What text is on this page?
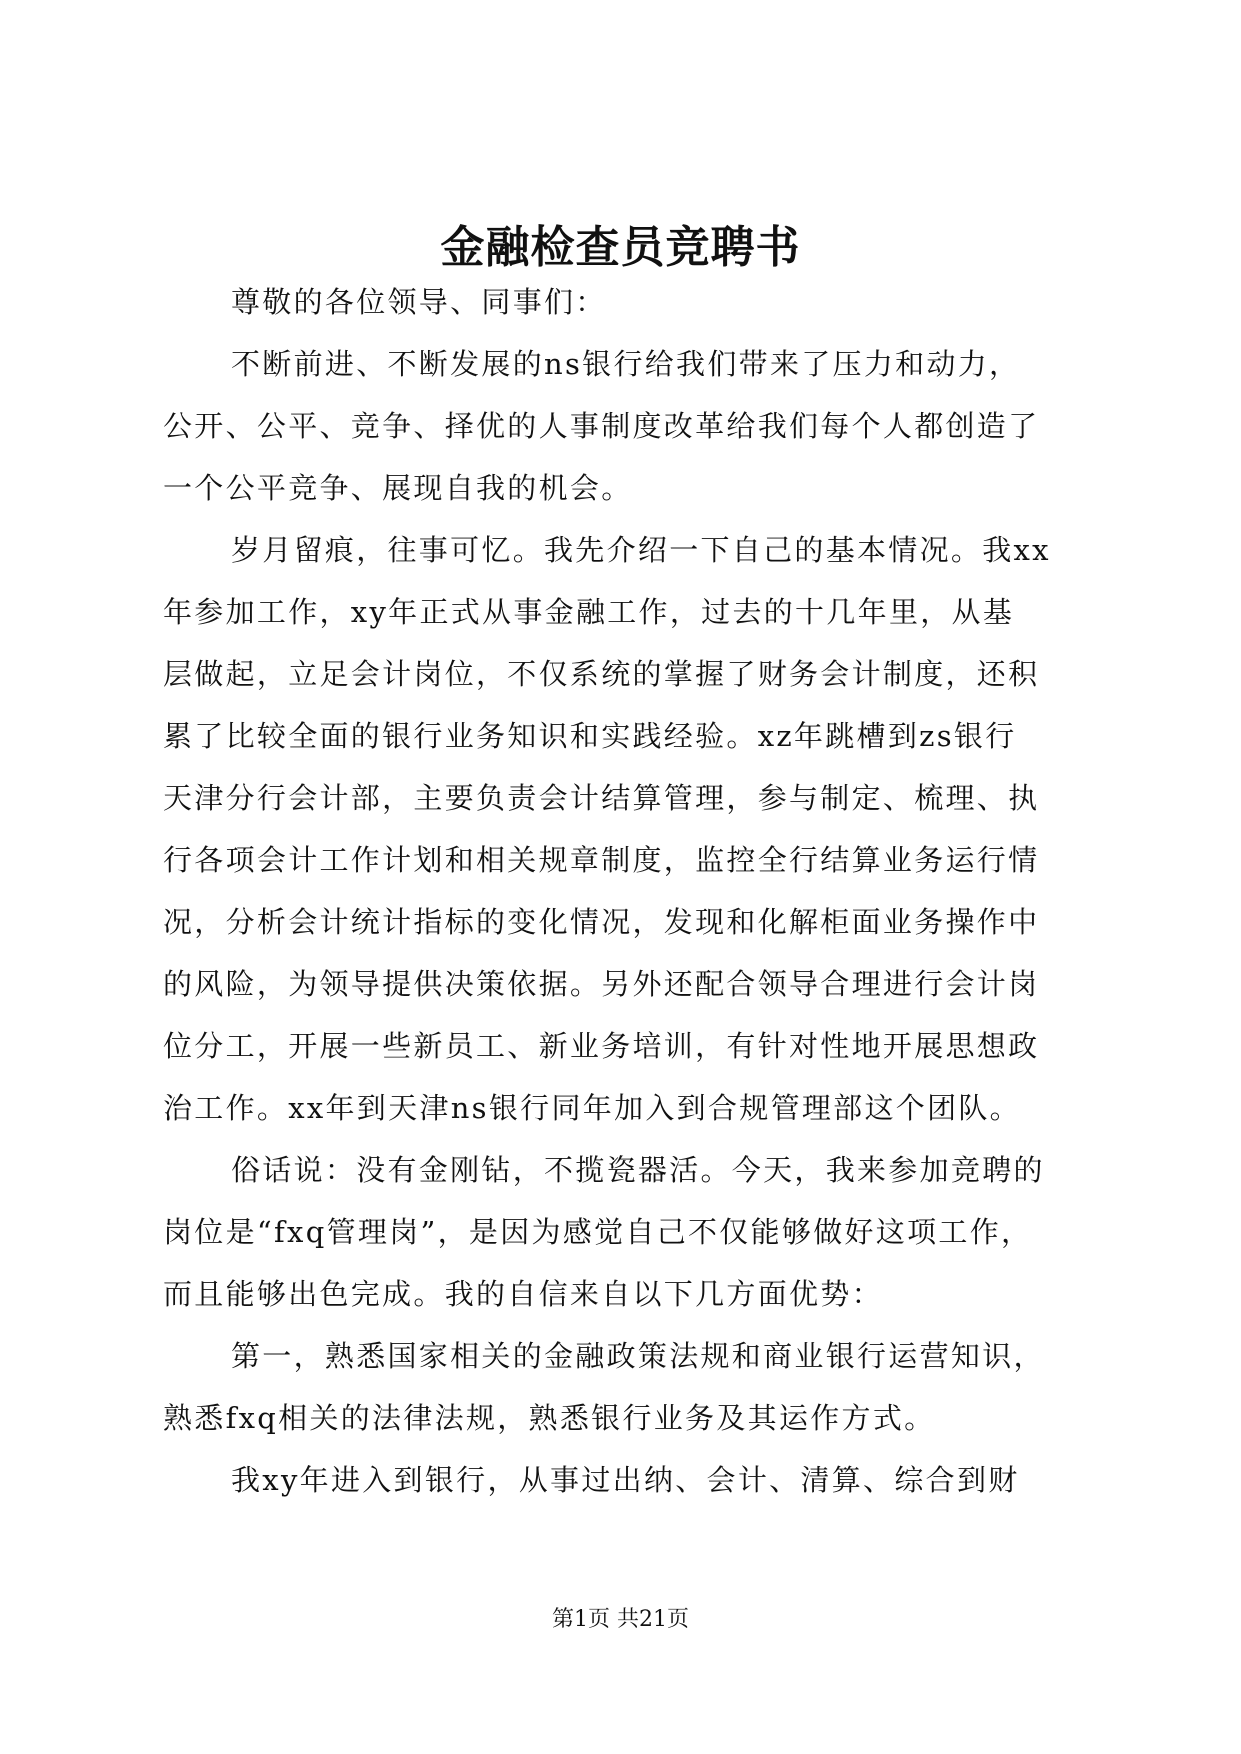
金融检查员竞聘书
尊敬的各位领导、同事们：
不断前进、不断发展的ns银行给我们带来了压力和动力，
公开、公平、竞争、择优的人事制度改革给我们每个人都创造了
一个公平竞争、展现自我的机会。
岁月留痕，往事可忆。我先介绍一下自己的基本情况。我xx
年参加工作，xy年正式从事金融工作，过去的十几年里，从基
层做起，立足会计岗位，不仅系统的掌握了财务会计制度，还积
累了比较全面的银行业务知识和实践经验。xz年跳槽到zs银行
天津分行会计部，主要负责会计结算管理，参与制定、梳理、执
行各项会计工作计划和相关规章制度，监控全行结算业务运行情
况，分析会计统计指标的变化情况，发现和化解柜面业务操作中
的风险，为领导提供决策依据。另外还配合领导合理进行会计岗
位分工，开展一些新员工、新业务培训，有针对性地开展思想政
治工作。xx年到天津ns银行同年加入到合规管理部这个团队。
俗话说：没有金刚钻，不揽瓷器活。今天，我来参加竞聘的
岗位是“fxq管理岗”，是因为感觉自己不仅能够做好这项工作，
而且能够出色完成。我的自信来自以下几方面优势：
第一，熟悉国家相关的金融政策法规和商业银行运营知识，
熟悉fxq相关的法律法规，熟悉银行业务及其运作方式。
我xy年进入到银行，从事过出纳、会计、清算、综合到财
第1页 共21页
